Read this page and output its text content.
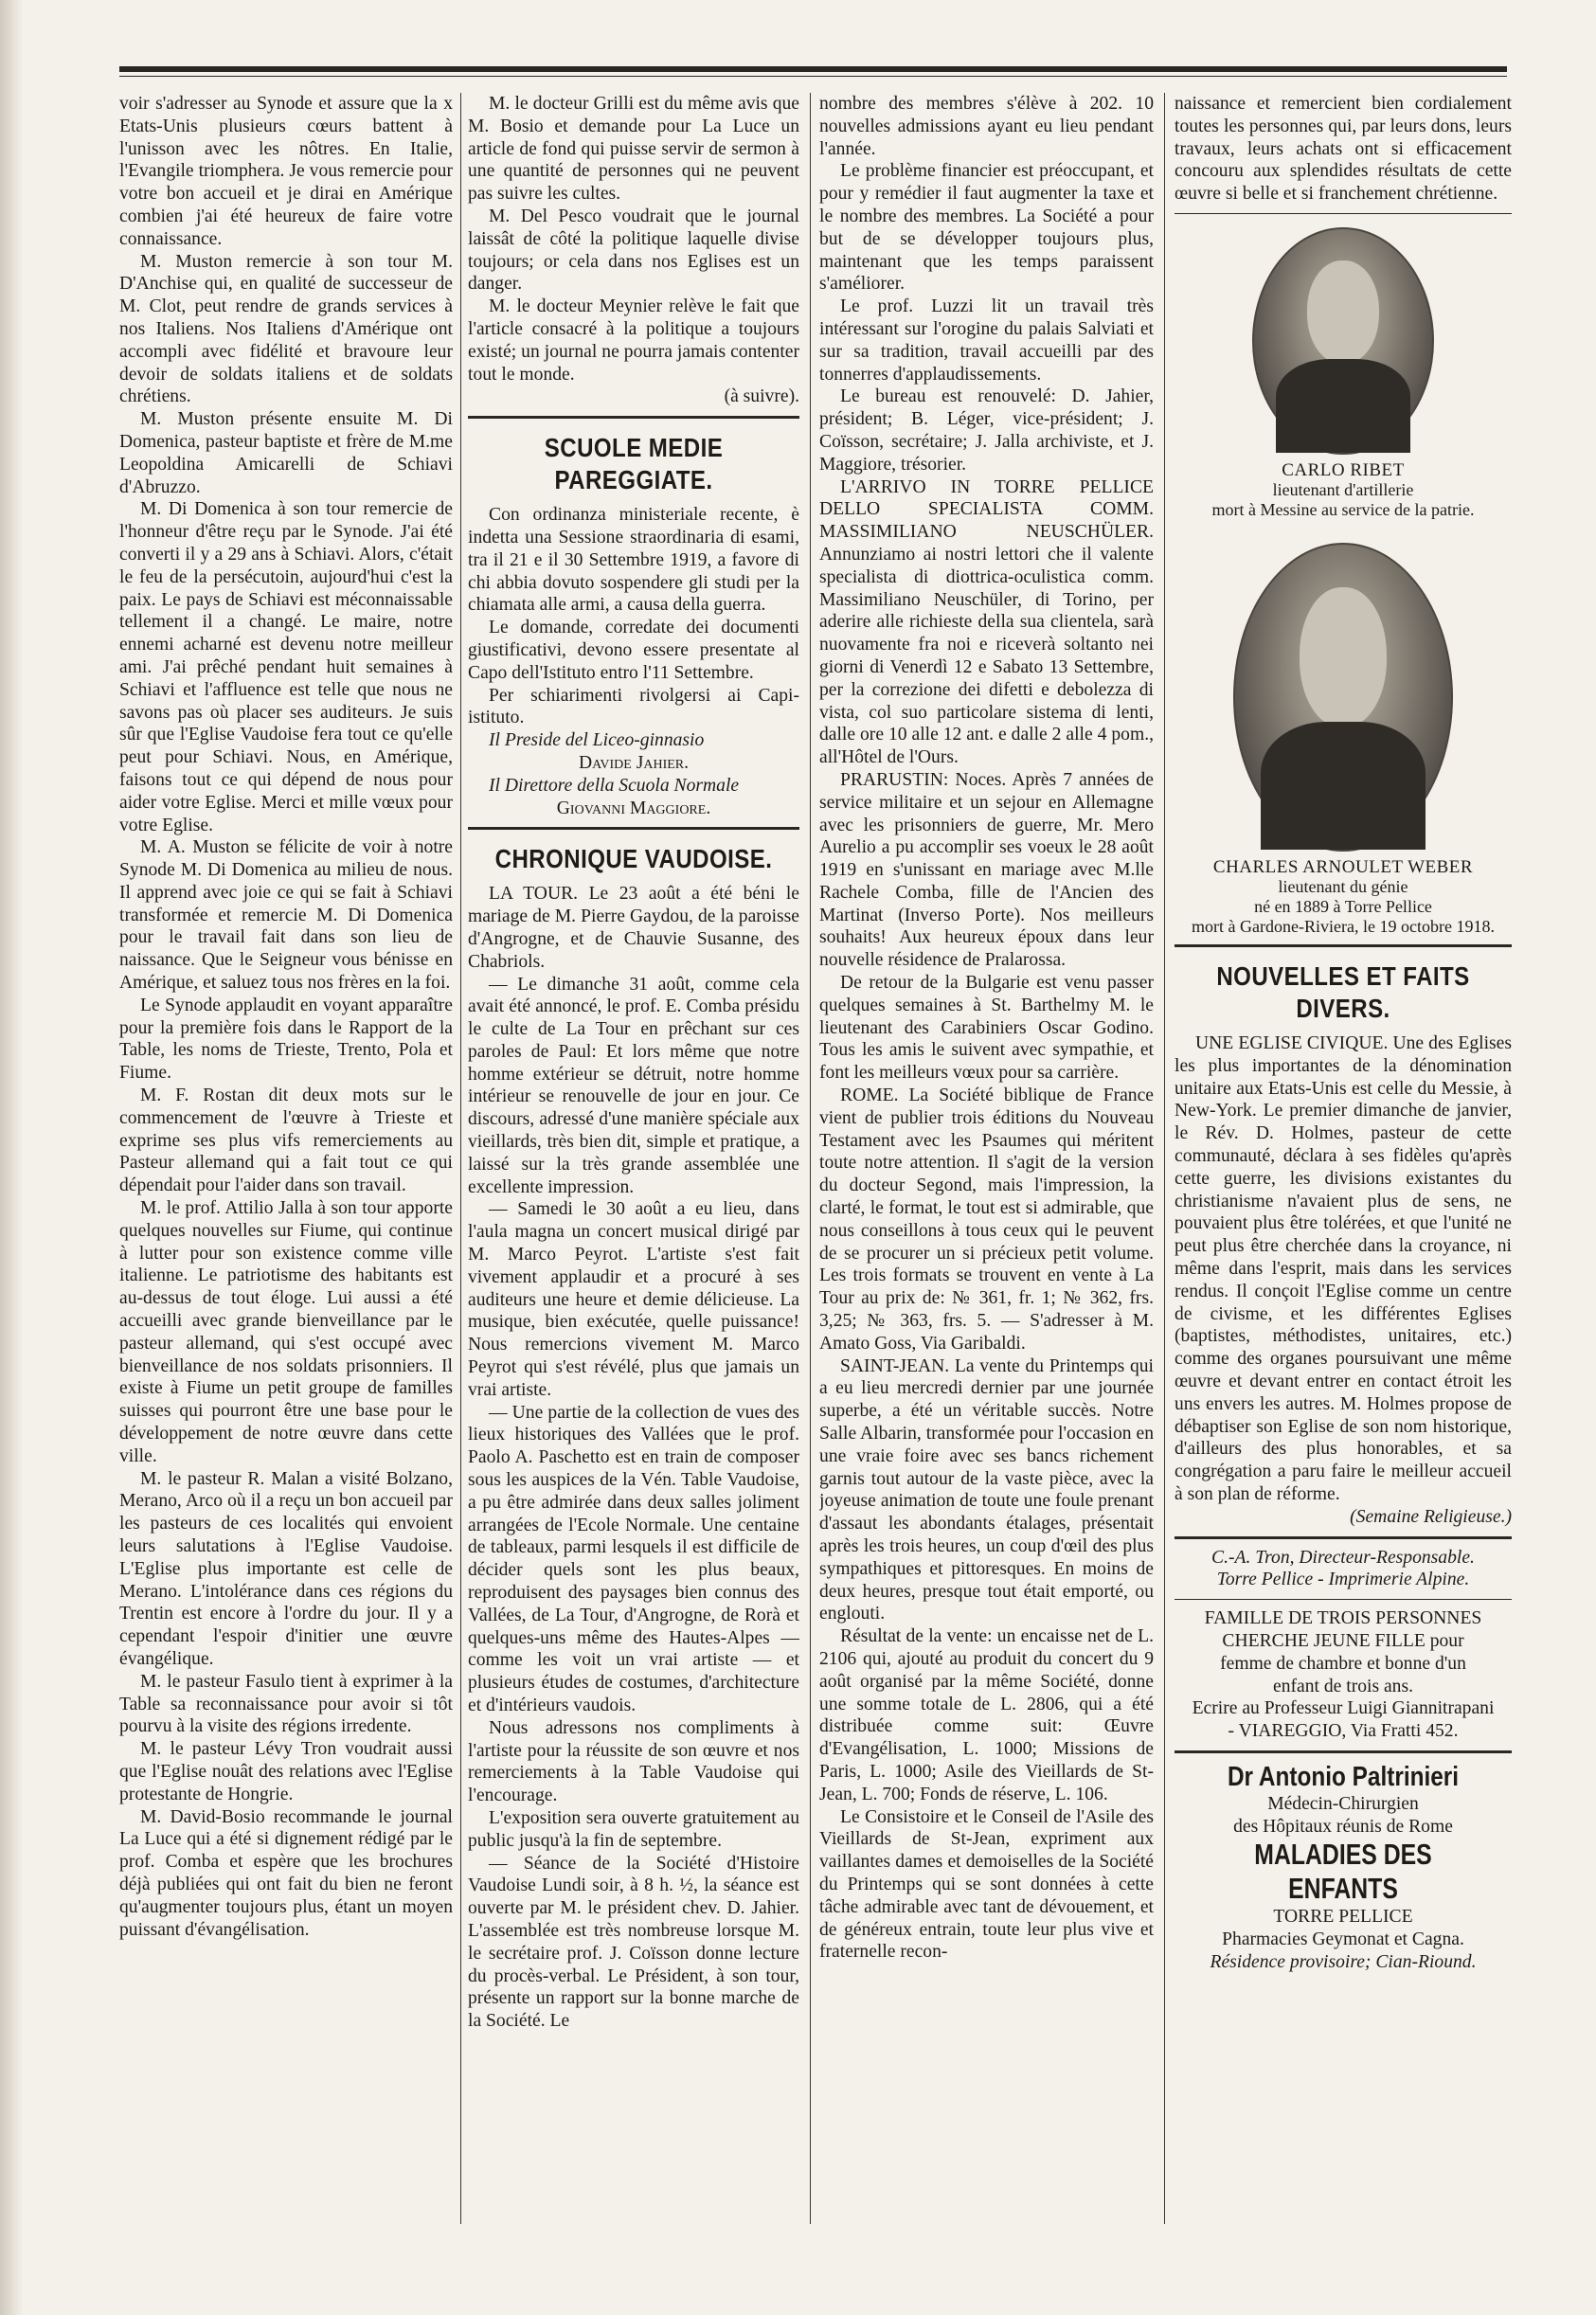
voir s'adresser au Synode et assure que la x Etats-Unis plusieurs cœurs battent à l'unisson avec les nôtres. En Italie, l'Evangile triomphera. Je vous remercie pour votre bon accueil et je dirai en Amérique combien j'ai été heureux de faire votre connaissance.

M. Muston remercie à son tour M. D'Anchise qui, en qualité de successeur de M. Clot, peut rendre de grands services à nos Italiens. Nos Italiens d'Amérique ont accompli avec fidélité et bravoure leur devoir de soldats italiens et de soldats chrétiens.

M. Muston présente ensuite M. Di Domenica, pasteur baptiste et frère de M.me Leopoldina Amicarelli de Schiavi d'Abruzzo.

M. Di Domenica à son tour remercie de l'honneur d'être reçu par le Synode. J'ai été converti il y a 29 ans à Schiavi. Alors, c'était le feu de la persécutoin, aujourd'hui c'est la paix. Le pays de Schiavi est méconnaissable tellement il a changé. Le maire, notre ennemi acharné est devenu notre meilleur ami. J'ai prêché pendant huit semaines à Schiavi et l'affluence est telle que nous ne savons pas où placer ses auditeurs. Je suis sûr que l'Eglise Vaudoise fera tout ce qu'elle peut pour Schiavi. Nous, en Amérique, faisons tout ce qui dépend de nous pour aider votre Eglise. Merci et mille vœux pour votre Eglise.

M. A. Muston se félicite de voir à notre Synode M. Di Domenica au milieu de nous. Il apprend avec joie ce qui se fait à Schiavi transformée et remercie M. Di Domenica pour le travail fait dans son lieu de naissance. Que le Seigneur vous bénisse en Amérique, et saluez tous nos frères en la foi.

Le Synode applaudit en voyant apparaître pour la première fois dans le Rapport de la Table, les noms de Trieste, Trento, Pola et Fiume.

M. F. Rostan dit deux mots sur le commencement de l'œuvre à Trieste et exprime ses plus vifs remerciements au Pasteur allemand qui a fait tout ce qui dépendait pour l'aider dans son travail.

M. le prof. Attilio Jalla à son tour apporte quelques nouvelles sur Fiume, qui continue à lutter pour son existence comme ville italienne. Le patriotisme des habitants est au-dessus de tout éloge. Lui aussi a été accueilli avec grande bienveillance par le pasteur allemand, qui s'est occupé avec bienveillance de nos soldats prisonniers. Il existe à Fiume un petit groupe de familles suisses qui pourront être une base pour le développement de notre œuvre dans cette ville.

M. le pasteur R. Malan a visité Bolzano, Merano, Arco où il a reçu un bon accueil par les pasteurs de ces localités qui envoient leurs salutations à l'Eglise Vaudoise. L'Eglise plus importante est celle de Merano. L'intolérance dans ces régions du Trentin est encore à l'ordre du jour. Il y a cependant l'espoir d'initier une œuvre évangélique.

M. le pasteur Fasulo tient à exprimer à la Table sa reconnaissance pour avoir si tôt pourvu à la visite des régions irredente.

M. le pasteur Lévy Tron voudrait aussi que l'Eglise nouât des relations avec l'Eglise protestante de Hongrie.

M. David-Bosio recommande le journal La Luce qui a été si dignement rédigé par le prof. Comba et espère que les brochures déjà publiées qui ont fait du bien ne feront qu'augmenter toujours plus, étant un moyen puissant d'évangélisation.

M. le docteur Grilli est du même avis que M. Bosio et demande pour La Luce un article de fond qui puisse servir de sermon à une quantité de personnes qui ne peuvent pas suivre les cultes.

M. Del Pesco voudrait que le journal laissât de côté la politique laquelle divise toujours; or cela dans nos Eglises est un danger.

M. le docteur Meynier relève le fait que l'article consacré à la politique a toujours existé; un journal ne pourra jamais contenter tout le monde.

(à suivre).

SCUOLE MEDIE PAREGGIATE.

Con ordinanza ministeriale recente, è indetta una Sessione straordinaria di esami, tra il 21 e il 30 Settembre 1919, a favore di chi abbia dovuto sospendere gli studi per la chiamata alle armi, a causa della guerra.

Le domande, corredate dei documenti giustificativi, devono essere presentate al Capo dell'Istituto entro l'11 Settembre.

Per schiarimenti rivolgersi ai Capi-istituto.

Il Preside del Liceo-ginnasio

Davide Jahier.

Il Direttore della Scuola Normale

Giovanni Maggiore.

CHRONIQUE VAUDOISE.

LA TOUR. Le 23 août a été béni le mariage de M. Pierre Gaydou, de la paroisse d'Angrogne, et de Chauvie Susanne, des Chabriols.

— Le dimanche 31 août, comme cela avait été annoncé, le prof. E. Comba présidu le culte de La Tour en prêchant sur ces paroles de Paul: Et lors même que notre homme extérieur se détruit, notre homme intérieur se renouvelle de jour en jour. Ce discours, adressé d'une manière spéciale aux vieillards, très bien dit, simple et pratique, a laissé sur la très grande assemblée une excellente impression.

— Samedi le 30 août a eu lieu, dans l'aula magna un concert musical dirigé par M. Marco Peyrot. L'artiste s'est fait vivement applaudir et a procuré à ses auditeurs une heure et demie délicieuse. La musique, bien exécutée, quelle puissance! Nous remercions vivement M. Marco Peyrot qui s'est révélé, plus que jamais un vrai artiste.

— Une partie de la collection de vues des lieux historiques des Vallées que le prof. Paolo A. Paschetto est en train de composer sous les auspices de la Vén. Table Vaudoise, a pu être admirée dans deux salles joliment arrangées de l'Ecole Normale. Une centaine de tableaux, parmi lesquels il est difficile de décider quels sont les plus beaux, reproduisent des paysages bien connus des Vallées, de La Tour, d'Angrogne, de Rorà et quelques-uns même des Hautes-Alpes — comme les voit un vrai artiste — et plusieurs études de costumes, d'architecture et d'intérieurs vaudois.

Nous adressons nos compliments à l'artiste pour la réussite de son œuvre et nos remerciements à la Table Vaudoise qui l'encourage.

L'exposition sera ouverte gratuitement au public jusqu'à la fin de septembre.

— Séance de la Société d'Histoire Vaudoise Lundi soir, à 8 h. ½, la séance est ouverte par M. le président chev. D. Jahier. L'assemblée est très nombreuse lorsque M. le secrétaire prof. J. Coïsson donne lecture du procès-verbal. Le Président, à son tour, présente un rapport sur la bonne marche de la Société. Le

nombre des membres s'élève à 202. 10 nouvelles admissions ayant eu lieu pendant l'année.

Le problème financier est préoccupant, et pour y remédier il faut augmenter la taxe et le nombre des membres. La Société a pour but de se développer toujours plus, maintenant que les temps paraissent s'améliorer.

Le prof. Luzzi lit un travail très intéressant sur l'orogine du palais Salviati et sur sa tradition, travail accueilli par des tonnerres d'applaudissements.

Le bureau est renouvelé: D. Jahier, président; B. Léger, vice-président; J. Coïsson, secrétaire; J. Jalla archiviste, et J. Maggiore, trésorier.

L'ARRIVO IN TORRE PELLICE DELLO SPECIALISTA COMM. MASSIMILIANO NEUSCHÜLER. Annunziamo ai nostri lettori che il valente specialista di diottrica-oculistica comm. Massimiliano Neuschüler, di Torino, per aderire alle richieste della sua clientela, sarà nuovamente fra noi e riceverà soltanto nei giorni di Venerdì 12 e Sabato 13 Settembre, per la correzione dei difetti e debolezza di vista, col suo particolare sistema di lenti, dalle ore 10 alle 12 ant. e dalle 2 alle 4 pom., all'Hôtel de l'Ours.

PRARUSTIN: Noces. Après 7 années de service militaire et un sejour en Allemagne avec les prisonniers de guerre, Mr. Mero Aurelio a pu accomplir ses voeux le 28 août 1919 en s'unissant en mariage avec M.lle Rachele Comba, fille de l'Ancien des Martinat (Inverso Porte). Nos meilleurs souhaits! Aux heureux époux dans leur nouvelle résidence de Pralarossa.

De retour de la Bulgarie est venu passer quelques semaines à St. Barthelmy M. le lieutenant des Carabiniers Oscar Godino. Tous les amis le suivent avec sympathie, et font les meilleurs vœux pour sa carrière.

ROME. La Société biblique de France vient de publier trois éditions du Nouveau Testament avec les Psaumes qui méritent toute notre attention. Il s'agit de la version du docteur Segond, mais l'impression, la clarté, le format, le tout est si admirable, que nous conseillons à tous ceux qui le peuvent de se procurer un si précieux petit volume. Les trois formats se trouvent en vente à La Tour au prix de: № 361, fr. 1; № 362, frs. 3,25; № 363, frs. 5. — S'adresser à M. Amato Goss, Via Garibaldi.

SAINT-JEAN. La vente du Printemps qui a eu lieu mercredi dernier par une journée superbe, a été un véritable succès. Notre Salle Albarin, transformée pour l'occasion en une vraie foire avec ses bancs richement garnis tout autour de la vaste pièce, avec la joyeuse animation de toute une foule prenant d'assaut les abondants étalages, présentait après les trois heures, un coup d'œil des plus sympathiques et pittoresques. En moins de deux heures, presque tout était emporté, ou englouti.

Résultat de la vente: un encaisse net de L. 2106 qui, ajouté au produit du concert du 9 août organisé par la même Société, donne une somme totale de L. 2806, qui a été distribuée comme suit: Œuvre d'Evangélisation, L. 1000; Missions de Paris, L. 1000; Asile des Vieillards de St-Jean, L. 700; Fonds de réserve, L. 106.

Le Consistoire et le Conseil de l'Asile des Vieillards de St-Jean, expriment aux vaillantes dames et demoiselles de la Société du Printemps qui se sont données à cette tâche admirable avec tant de dévouement, et de généreux entrain, toute leur plus vive et fraternelle recon-

naissance et remercient bien cordialement toutes les personnes qui, par leurs dons, leurs travaux, leurs achats ont si efficacement concouru aux splendides résultats de cette œuvre si belle et si franchement chrétienne.

CARLO RIBET
lieutenant d'artillerie
mort à Messine au service de la patrie.
CHARLES ARNOULET WEBER
lieutenant du génie
né en 1889 à Torre Pellice
mort à Gardone-Riviera, le 19 octobre 1918.
NOUVELLES ET FAITS DIVERS.

UNE EGLISE CIVIQUE. Une des Eglises les plus importantes de la dénomination unitaire aux Etats-Unis est celle du Messie, à New-York. Le premier dimanche de janvier, le Rév. D. Holmes, pasteur de cette communauté, déclara à ses fidèles qu'après cette guerre, les divisions existantes du christianisme n'avaient plus de sens, ne pouvaient plus être tolérées, et que l'unité ne peut plus être cherchée dans la croyance, ni même dans l'esprit, mais dans les services rendus. Il conçoit l'Eglise comme un centre de civisme, et les différentes Eglises (baptistes, méthodistes, unitaires, etc.) comme des organes poursuivant une même œuvre et devant entrer en contact étroit les uns envers les autres. M. Holmes propose de débaptiser son Eglise de son nom historique, d'ailleurs des plus honorables, et sa congrégation a paru faire le meilleur accueil à son plan de réforme.

(Semaine Religieuse.)

C.-A. Tron, Directeur-Responsable.

Torre Pellice - Imprimerie Alpine.

FAMILLE DE TROIS PERSONNES
CHERCHE JEUNE FILLE pour
femme de chambre et bonne d'un
enfant de trois ans.
Ecrire au Professeur Luigi Giannitrapani
- VIAREGGIO, Via Fratti 452.
Dr Antonio Paltrinieri
Médecin-Chirurgien
des Hôpitaux réunis de Rome
MALADIES DES ENFANTS
TORRE PELLICE
Pharmacies Geymonat et Cagna.
Résidence provisoire; Cian-Riound.
